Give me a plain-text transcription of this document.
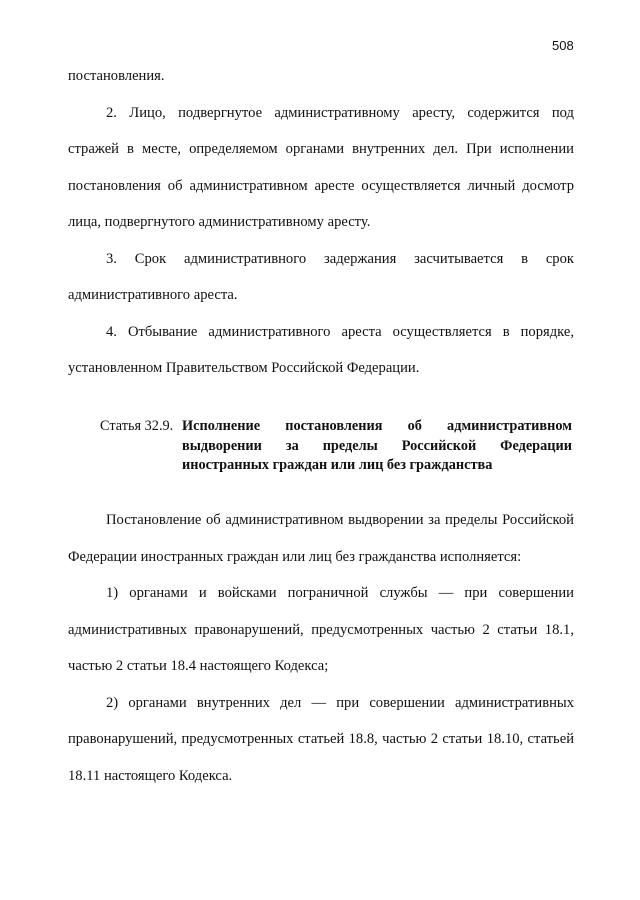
508

постановления.

2. Лицо, подвергнутое административному аресту, содержится под стражей в месте, определяемом органами внутренних дел. При исполнении постановления об административном аресте осуществляется личный досмотр лица, подвергнутого административному аресту.

3. Срок административного задержания засчитывается в срок административного ареста.

4. Отбывание административного ареста осуществляется в порядке, установленном Правительством Российской Федерации.

Статья 32.9. Исполнение постановления об административном выдворении за пределы Российской Федерации иностранных граждан или лиц без гражданства

Постановление об административном выдворении за пределы Российской Федерации иностранных граждан или лиц без гражданства исполняется:

1) органами и войсками пограничной службы — при совершении административных правонарушений, предусмотренных частью 2 статьи 18.1, частью 2 статьи 18.4 настоящего Кодекса;

2) органами внутренних дел — при совершении административных правонарушений, предусмотренных статьей 18.8, частью 2 статьи 18.10, статьей 18.11 настоящего Кодекса.
